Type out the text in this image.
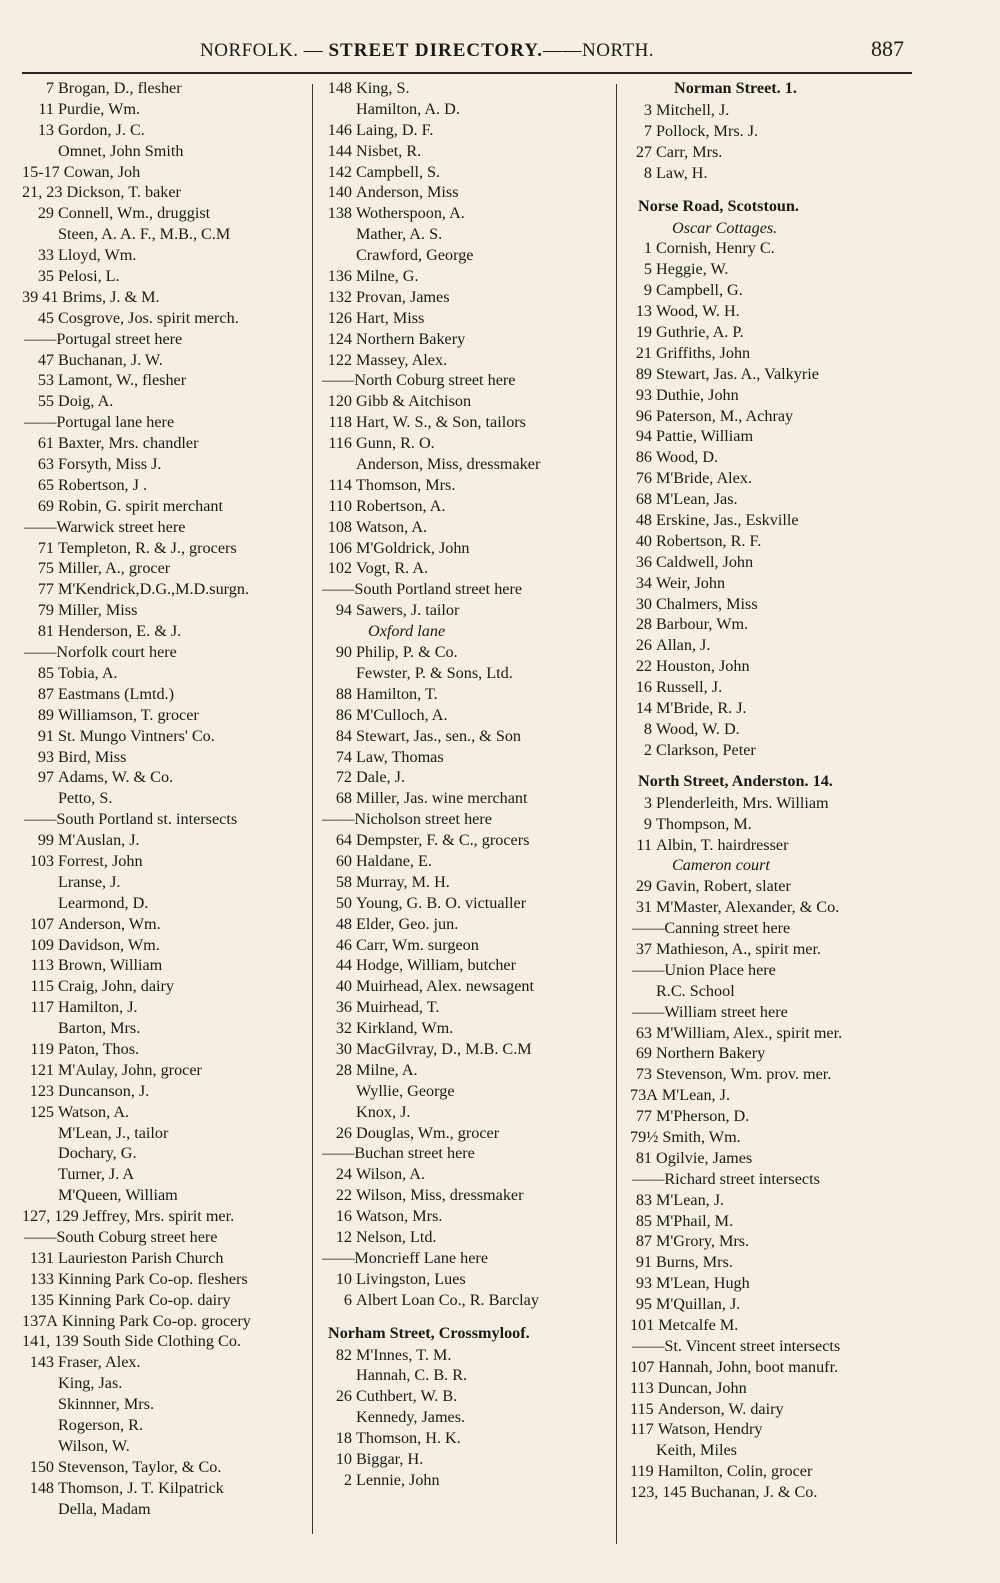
NORFOLK. — STREET DIRECTORY.——NORTH.	887
7 Brogan, D., flesher
11 Purdie, Wm.
13 Gordon, J. C.
Omnet, John Smith
15-17 Cowan, Joh
21, 23 Dickson, T. baker
29 Connell, Wm., druggist
Steen, A. A. F., M.B., C.M
33 Lloyd, Wm.
35 Pelosi, L.
39 41 Brims, J. & M.
45 Cosgrove, Jos. spirit merch.
——Portugal street here
47 Buchanan, J. W.
53 Lamont, W., flesher
55 Doig, A.
——Portugal lane here
61 Baxter, Mrs. chandler
63 Forsyth, Miss J.
65 Robertson, J .
69 Robin, G. spirit merchant
——Warwick street here
71 Templeton, R. & J., grocers
75 Miller, A., grocer
77 M'Kendrick,D.G.,M.D.surgn.
79 Miller, Miss
81 Henderson, E. & J.
——Norfolk court here
85 Tobia, A.
87 Eastmans (Lmtd.)
89 Williamson, T. grocer
91 St. Mungo Vintners' Co.
93 Bird, Miss
97 Adams, W. & Co.
Petto, S.
——South Portland st. intersects
99 M'Auslan, J.
103 Forrest, John
Lranse, J.
Learmond, D.
107 Anderson, Wm.
109 Davidson, Wm.
113 Brown, William
115 Craig, John, dairy
117 Hamilton, J.
Barton, Mrs.
119 Paton, Thos.
121 M'Aulay, John, grocer
123 Duncanson, J.
125 Watson, A.
M'Lean, J., tailor
Dochary, G.
Turner, J. A
M'Queen, William
127, 129 Jeffrey, Mrs. spirit mer.
——South Coburg street here
131 Laurieston Parish Church
133 Kinning Park Co-op. fleshers
135 Kinning Park Co-op. dairy
137A Kinning Park Co-op. grocery
141, 139 South Side Clothing Co.
143 Fraser, Alex.
King, Jas.
Skinnner, Mrs.
Rogerson, R.
Wilson, W.
150 Stevenson, Taylor, & Co.
148 Thomson, J. T. Kilpatrick
Della, Madam
148 King, S.
Hamilton, A. D.
146 Laing, D. F.
144 Nisbet, R.
142 Campbell, S.
140 Anderson, Miss
138 Wotherspoon, A.
Mather, A. S.
Crawford, George
136 Milne, G.
132 Provan, James
126 Hart, Miss
124 Northern Bakery
122 Massey, Alex.
——North Coburg street here
120 Gibb & Aitchison
118 Hart, W. S., & Son, tailors
116 Gunn, R. O.
Anderson, Miss, dressmaker
114 Thomson, Mrs.
110 Robertson, A.
108 Watson, A.
106 M'Goldrick, John
102 Vogt, R. A.
——South Portland street here
94 Sawers, J. tailor
Oxford lane
90 Philip, P. & Co.
Fewster, P. & Sons, Ltd.
88 Hamilton, T.
86 M'Culloch, A.
84 Stewart, Jas., sen., & Son
74 Law, Thomas
72 Dale, J.
68 Miller, Jas. wine merchant
——Nicholson street here
64 Dempster, F. & C., grocers
60 Haldane, E.
58 Murray, M. H.
50 Young, G. B. O. victualler
48 Elder, Geo. jun.
46 Carr, Wm. surgeon
44 Hodge, William, butcher
40 Muirhead, Alex. newsagent
36 Muirhead, T.
32 Kirkland, Wm.
30 MacGilvray, D., M.B. C.M
28 Milne, A.
Wyllie, George
Knox, J.
26 Douglas, Wm., grocer
——Buchan street here
24 Wilson, A.
22 Wilson, Miss, dressmaker
16 Watson, Mrs.
12 Nelson, Ltd.
——Moncrieff Lane here
10 Livingston, Lues
6 Albert Loan Co., R. Barclay
Norham Street, Crossmyloof.
82 M'Innes, T. M.
Hannah, C. B. R.
26 Cuthbert, W. B.
Kennedy, James.
18 Thomson, H. K.
10 Biggar, H.
2 Lennie, John
Norman Street. 1.
3 Mitchell, J.
7 Pollock, Mrs. J.
27 Carr, Mrs.
8 Law, H.
Norse Road, Scotstoun.
Oscar Cottages.
1 Cornish, Henry C.
5 Heggie, W.
9 Campbell, G.
13 Wood, W. H.
19 Guthrie, A. P.
21 Griffiths, John
89 Stewart, Jas. A., Valkyrie
93 Duthie, John
96 Paterson, M., Achray
94 Pattie, William
86 Wood, D.
76 M'Bride, Alex.
68 M'Lean, Jas.
48 Erskine, Jas., Eskville
40 Robertson, R. F.
36 Caldwell, John
34 Weir, John
30 Chalmers, Miss
28 Barbour, Wm.
26 Allan, J.
22 Houston, John
16 Russell, J.
14 M'Bride, R. J.
8 Wood, W. D.
2 Clarkson, Peter
North Street, Anderston. 14.
3 Plenderleith, Mrs. William
9 Thompson, M.
11 Albin, T. hairdresser
Cameron court
29 Gavin, Robert, slater
31 M'Master, Alexander, & Co.
——Canning street here
37 Mathieson, A., spirit mer.
——Union Place here
R.C. School
——William street here
63 M'William, Alex., spirit mer.
69 Northern Bakery
73 Stevenson, Wm. prov. mer.
73A M'Lean, J.
77 M'Pherson, D.
79½ Smith, Wm.
81 Ogilvie, James
——Richard street intersects
83 M'Lean, J.
85 M'Phail, M.
87 M'Grory, Mrs.
91 Burns, Mrs.
93 M'Lean, Hugh
95 M'Quillan, J.
101 Metcalfe M.
——St. Vincent street intersects
107 Hannah, John, boot manufr.
113 Duncan, John
115 Anderson, W. dairy
117 Watson, Hendry
Keith, Miles
119 Hamilton, Colin, grocer
123, 145 Buchanan, J. & Co.
